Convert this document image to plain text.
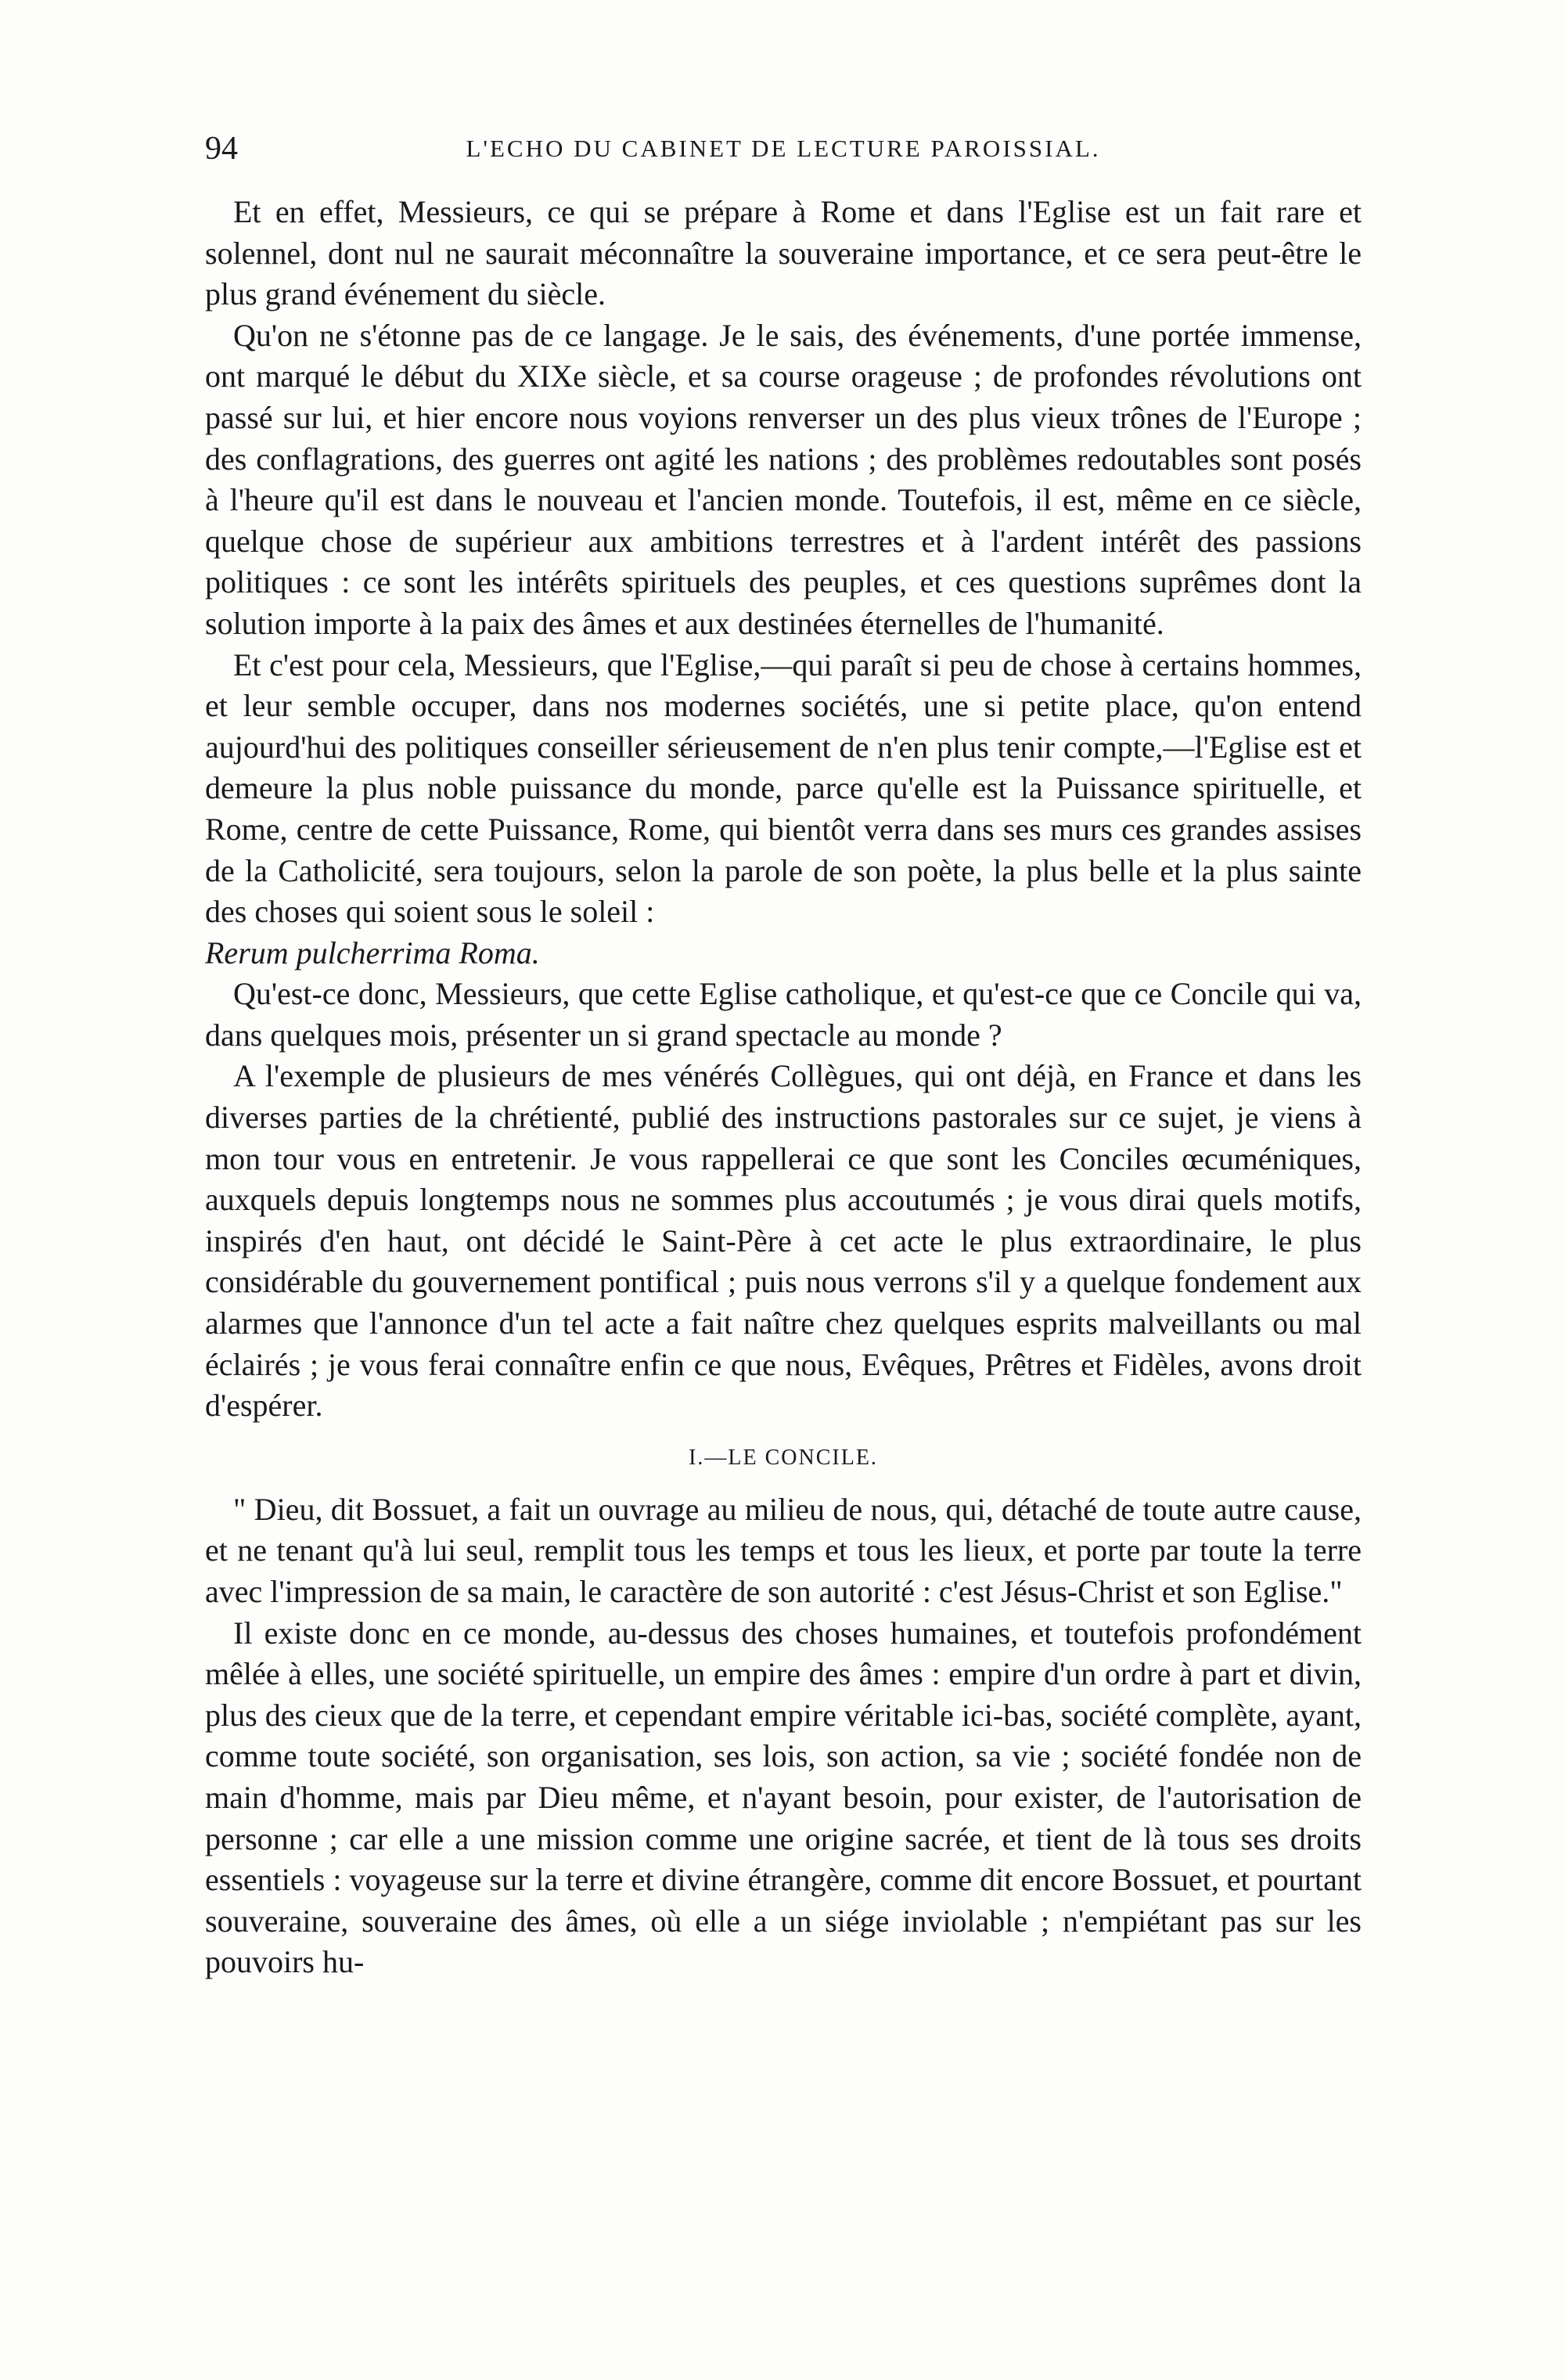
94	L'ECHO DU CABINET DE LECTURE PAROISSIAL.

Et en effet, Messieurs, ce qui se prépare à Rome et dans l'Eglise est un fait rare et solennel, dont nul ne saurait méconnaître la souveraine importance, et ce sera peut-être le plus grand événement du siècle.

Qu'on ne s'étonne pas de ce langage. Je le sais, des événements, d'une portée immense, ont marqué le début du XIXe siècle, et sa course orageuse ; de profondes révolutions ont passé sur lui, et hier encore nous voyions renverser un des plus vieux trônes de l'Europe ; des conflagrations, des guerres ont agité les nations ; des problèmes redoutables sont posés à l'heure qu'il est dans le nouveau et l'ancien monde. Toutefois, il est, même en ce siècle, quelque chose de supérieur aux ambitions terrestres et à l'ardent intérêt des passions politiques : ce sont les intérêts spirituels des peuples, et ces questions suprêmes dont la solution importe à la paix des âmes et aux destinées éternelles de l'humanité.

Et c'est pour cela, Messieurs, que l'Eglise,—qui paraît si peu de chose à certains hommes, et leur semble occuper, dans nos modernes sociétés, une si petite place, qu'on entend aujourd'hui des politiques conseiller sérieusement de n'en plus tenir compte,—l'Eglise est et demeure la plus noble puissance du monde, parce qu'elle est la Puissance spirituelle, et Rome, centre de cette Puissance, Rome, qui bientôt verra dans ses murs ces grandes assises de la Catholicité, sera toujours, selon la parole de son poète, la plus belle et la plus sainte des choses qui soient sous le soleil :

Rerum pulcherrima Roma.

Qu'est-ce donc, Messieurs, que cette Eglise catholique, et qu'est-ce que ce Concile qui va, dans quelques mois, présenter un si grand spectacle au monde ?

A l'exemple de plusieurs de mes vénérés Collègues, qui ont déjà, en France et dans les diverses parties de la chrétienté, publié des instructions pastorales sur ce sujet, je viens à mon tour vous en entretenir. Je vous rappellerai ce que sont les Conciles œcuméniques, auxquels depuis longtemps nous ne sommes plus accoutumés ; je vous dirai quels motifs, inspirés d'en haut, ont décidé le Saint-Père à cet acte le plus extraordinaire, le plus considérable du gouvernement pontifical ; puis nous verrons s'il y a quelque fondement aux alarmes que l'annonce d'un tel acte a fait naître chez quelques esprits malveillants ou mal éclairés ; je vous ferai connaître enfin ce que nous, Evêques, Prêtres et Fidèles, avons droit d'espérer.

I.—LE CONCILE.

" Dieu, dit Bossuet, a fait un ouvrage au milieu de nous, qui, détaché de toute autre cause, et ne tenant qu'à lui seul, remplit tous les temps et tous les lieux, et porte par toute la terre avec l'impression de sa main, le caractère de son autorité : c'est Jésus-Christ et son Eglise."

Il existe donc en ce monde, au-dessus des choses humaines, et toutefois profondément mêlée à elles, une société spirituelle, un empire des âmes : empire d'un ordre à part et divin, plus des cieux que de la terre, et cependant empire véritable ici-bas, société complète, ayant, comme toute société, son organisation, ses lois, son action, sa vie ; société fondée non de main d'homme, mais par Dieu même, et n'ayant besoin, pour exister, de l'autorisation de personne ; car elle a une mission comme une origine sacrée, et tient de là tous ses droits essentiels : voyageuse sur la terre et divine étrangère, comme dit encore Bossuet, et pourtant souveraine, souveraine des âmes, où elle a un siége inviolable ; n'empiétant pas sur les pouvoirs hu-
